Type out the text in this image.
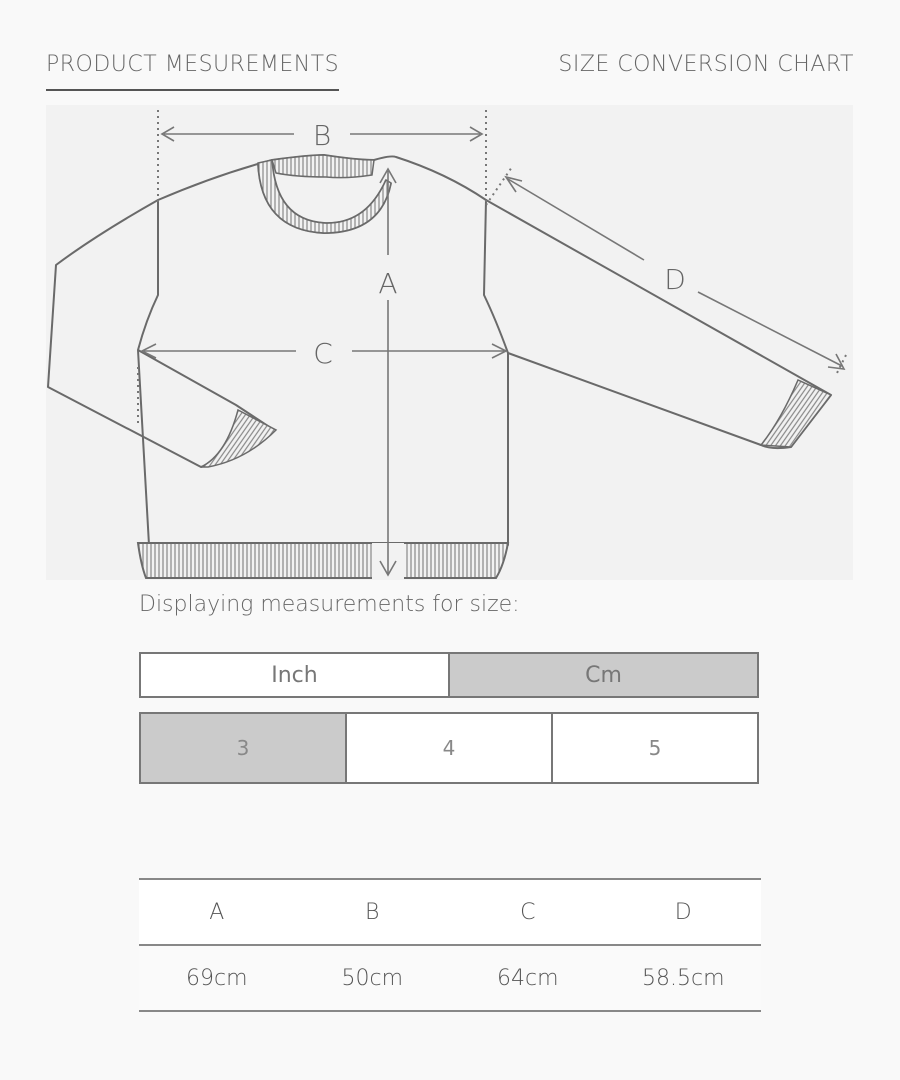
PRODUCT MESUREMENTS	SIZE CONVERSION CHART
B
A
C
D
Displaying measurements for size:
Inch	Cm
3	4	5
A	B	C	D
69cm	50cm	64cm	58.5cm
